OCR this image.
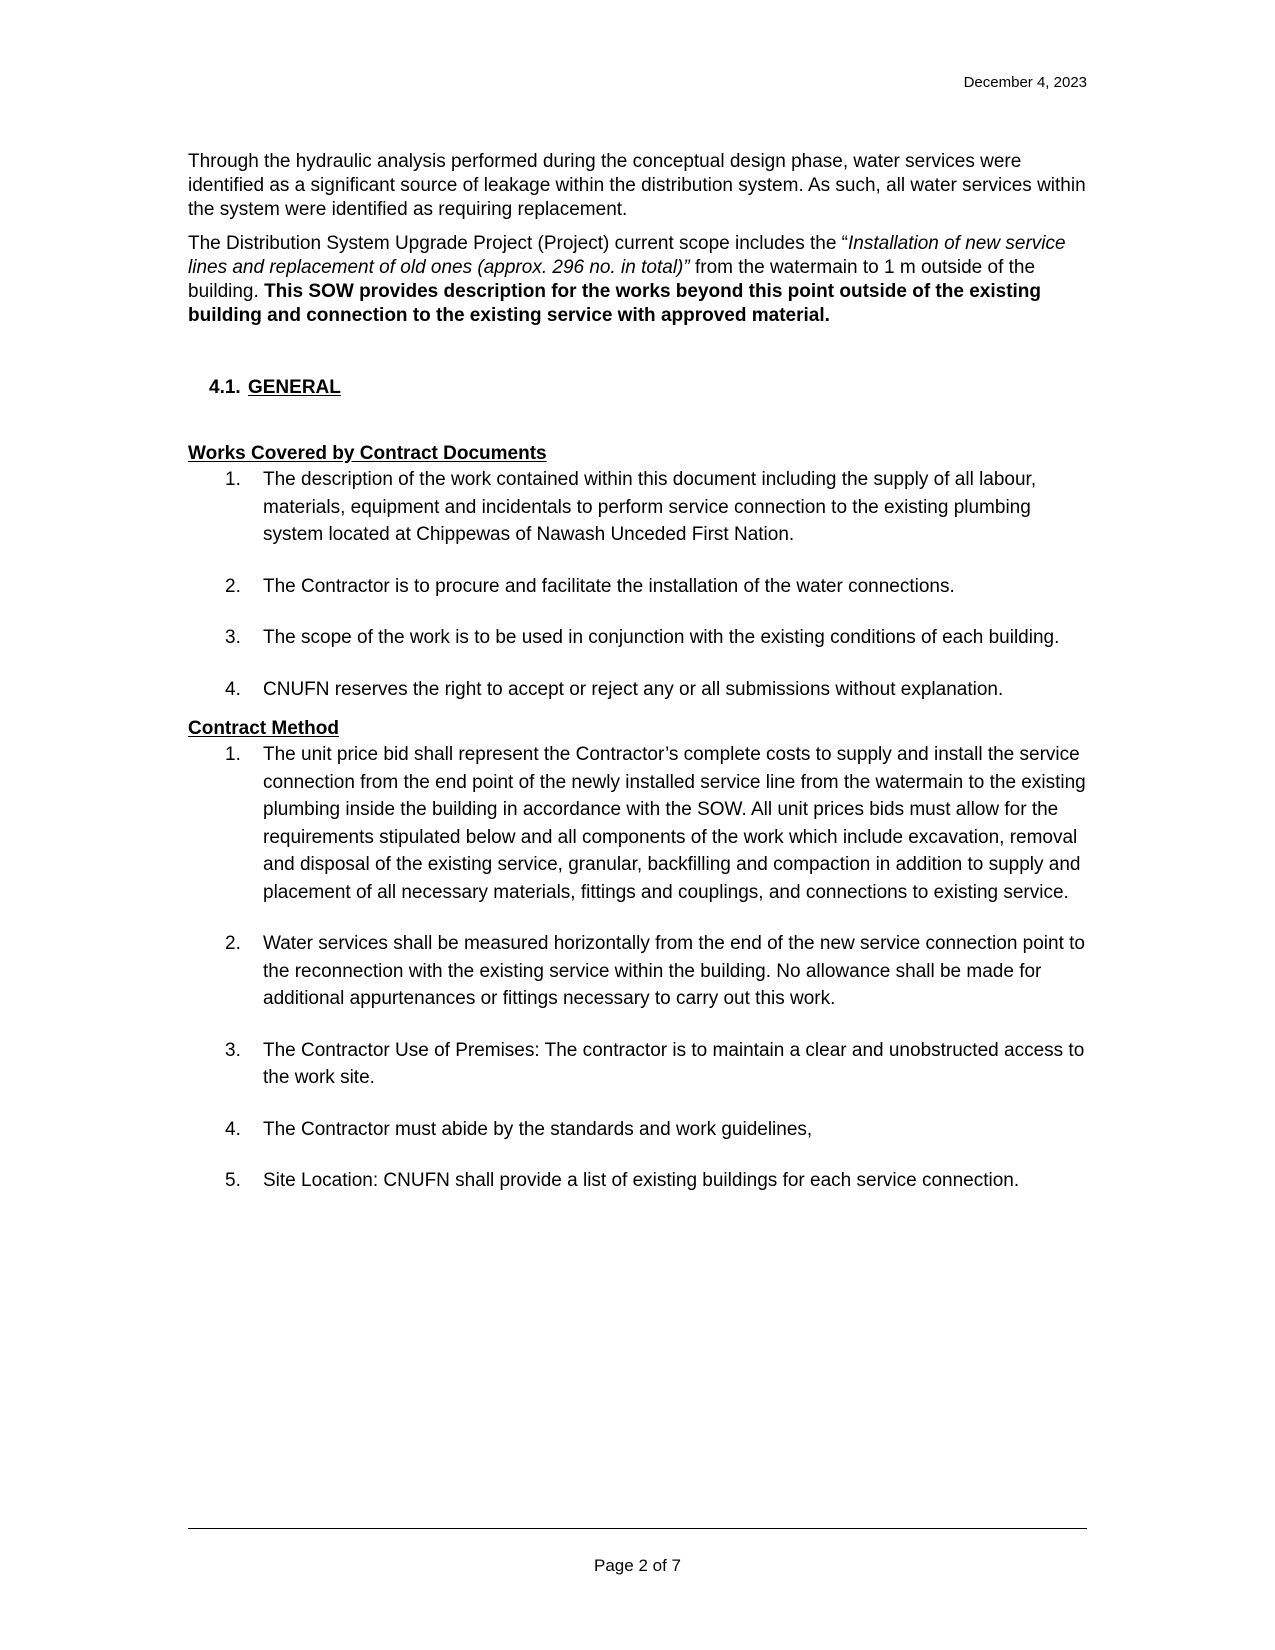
December 4, 2023

Through the hydraulic analysis performed during the conceptual design phase, water services were identified as a significant source of leakage within the distribution system. As such, all water services within the system were identified as requiring replacement.

The Distribution System Upgrade Project (Project) current scope includes the “Installation of new service lines and replacement of old ones (approx. 296 no. in total)” from the watermain to 1 m outside of the building. This SOW provides description for the works beyond this point outside of the existing building and connection to the existing service with approved material.

4.1. GENERAL

Works Covered by Contract Documents

1. The description of the work contained within this document including the supply of all labour, materials, equipment and incidentals to perform service connection to the existing plumbing system located at Chippewas of Nawash Unceded First Nation.
2. The Contractor is to procure and facilitate the installation of the water connections.
3. The scope of the work is to be used in conjunction with the existing conditions of each building.
4. CNUFN reserves the right to accept or reject any or all submissions without explanation.

Contract Method

1. The unit price bid shall represent the Contractor’s complete costs to supply and install the service connection from the end point of the newly installed service line from the watermain to the existing plumbing inside the building in accordance with the SOW. All unit prices bids must allow for the requirements stipulated below and all components of the work which include excavation, removal and disposal of the existing service, granular, backfilling and compaction in addition to supply and placement of all necessary materials, fittings and couplings, and connections to existing service.
2. Water services shall be measured horizontally from the end of the new service connection point to the reconnection with the existing service within the building. No allowance shall be made for additional appurtenances or fittings necessary to carry out this work.
3. The Contractor Use of Premises: The contractor is to maintain a clear and unobstructed access to the work site.
4. The Contractor must abide by the standards and work guidelines,
5. Site Location: CNUFN shall provide a list of existing buildings for each service connection.
Page 2 of 7
